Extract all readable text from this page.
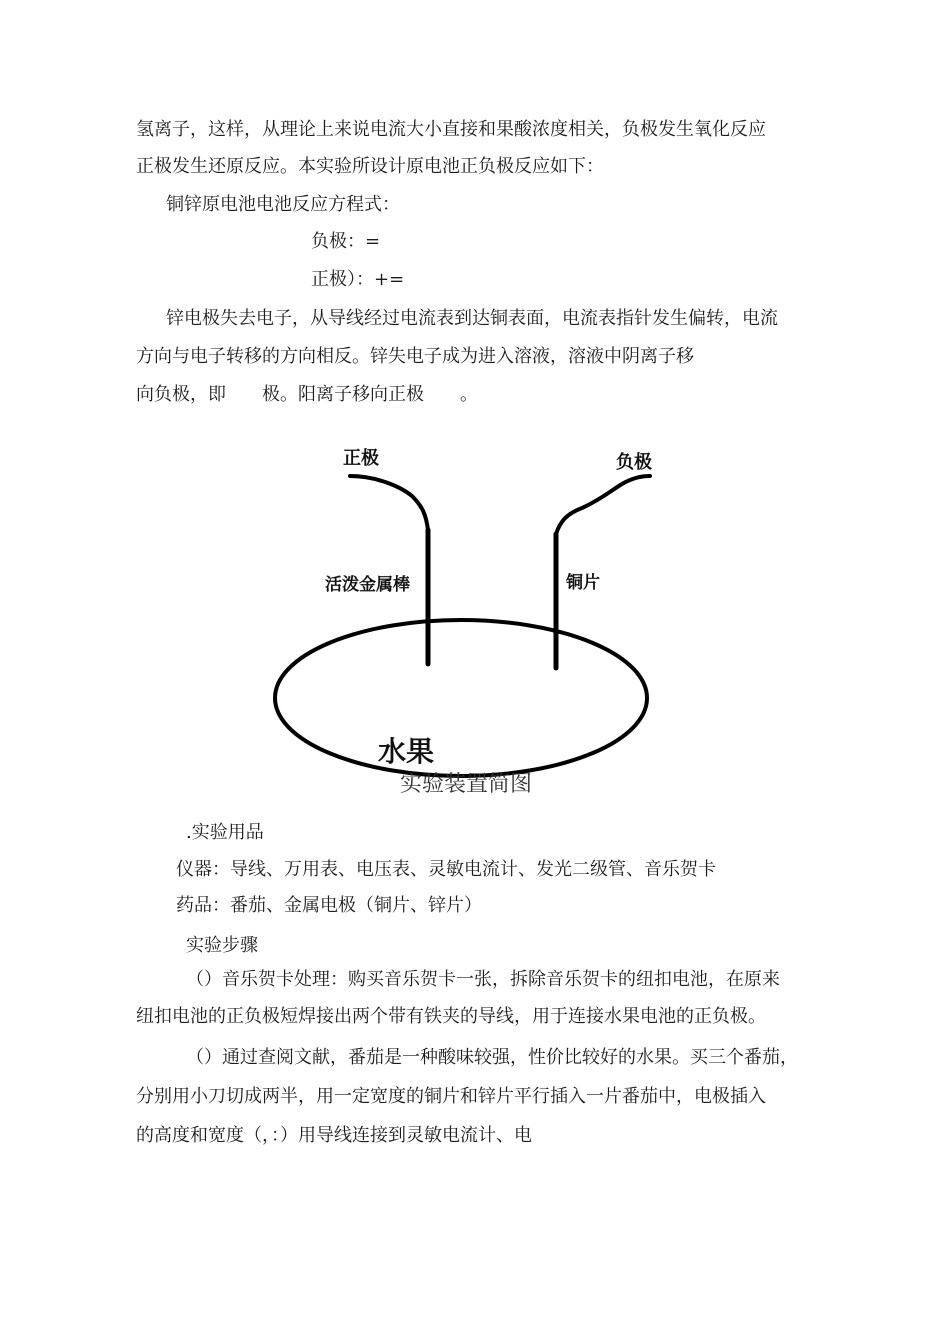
氢离子，这样，从理论上来说电流大小直接和果酸浓度相关，负极发生氧化反应
正极发生还原反应。本实验所设计原电池正负极反应如下：
铜锌原电池电池反应方程式：
负极：=
正极）：+=
锌电极失去电子，从导线经过电流表到达铜表面，电流表指针发生偏转，电流
方向与电子转移的方向相反。锌失电子成为进入溶液，溶液中阴离子移
向负极，即　　极。阳离子移向正极　　。
正极	负极
活泼金属棒	铜片
水果
实验装置简图
.实验用品
仪器：导线、万用表、电压表、灵敏电流计、发光二级管、音乐贺卡
药品：番茄、金属电极（铜片、锌片）
实验步骤
（）音乐贺卡处理：购买音乐贺卡一张，拆除音乐贺卡的纽扣电池，在原来
纽扣电池的正负极短焊接出两个带有铁夹的导线，用于连接水果电池的正负极。
（）通过查阅文献，番茄是一种酸味较强，性价比较好的水果。买三个番茄，
分别用小刀切成两半，用一定宽度的铜片和锌片平行插入一片番茄中，电极插入
的高度和宽度（，：）用导线连接到灵敏电流计、电
